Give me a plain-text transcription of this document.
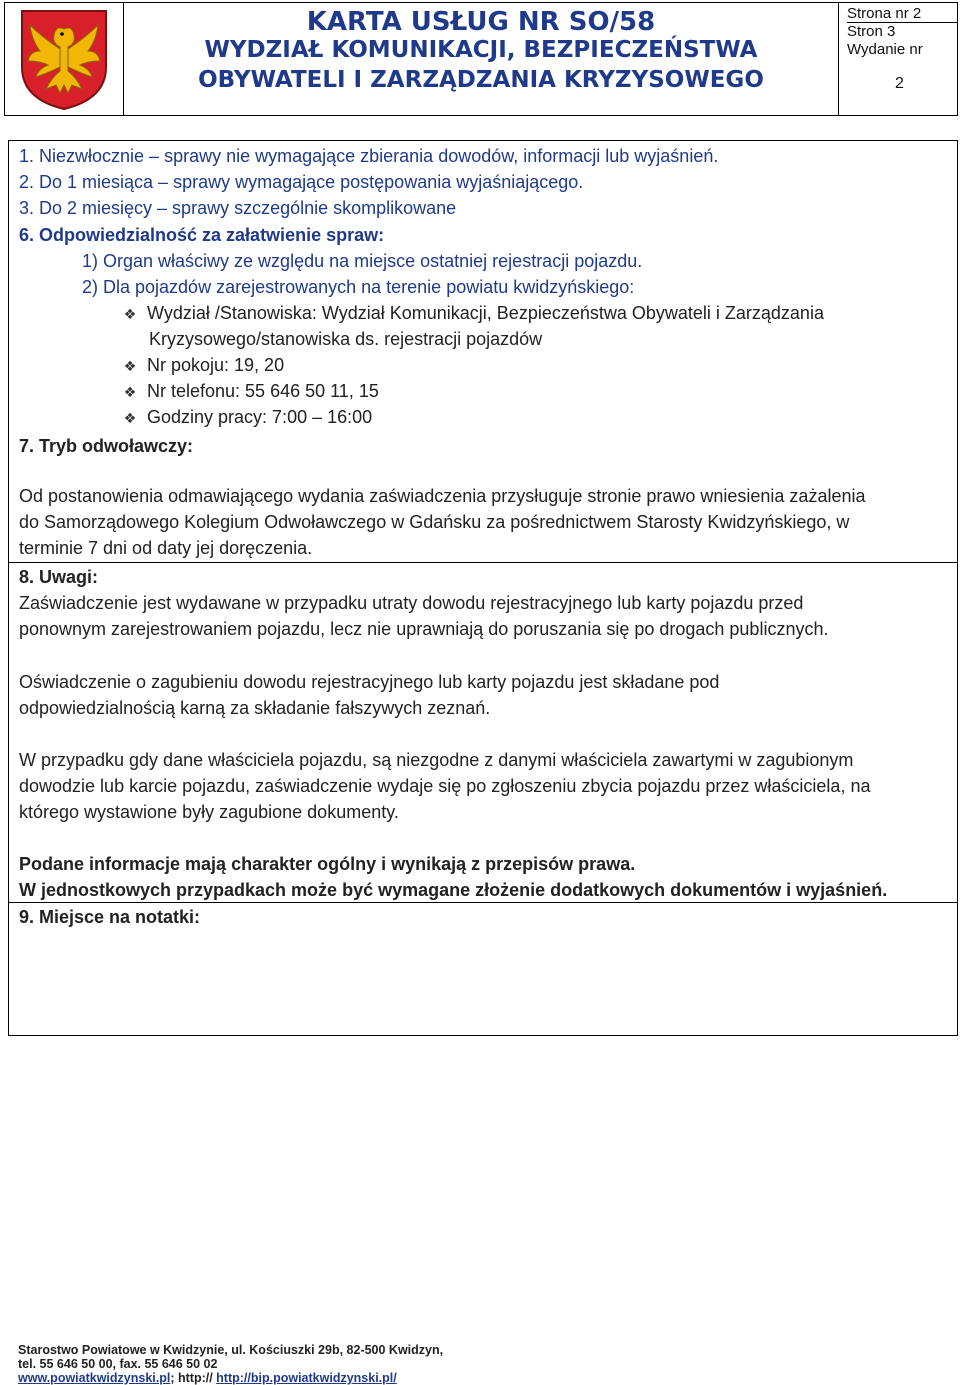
KARTA USŁUG NR SO/58
WYDZIAŁ KOMUNIKACJI, BEZPIECZEŃSTWA
OBYWATELI I ZARZĄDZANIA KRYZYSOWEGO
Strona nr 2
Stron 3
Wydanie nr
2
1. Niezwłocznie – sprawy nie wymagające zbierania dowodów, informacji lub wyjaśnień.
2. Do 1 miesiąca – sprawy wymagające postępowania wyjaśniającego.
3. Do 2 miesięcy – sprawy szczególnie skomplikowane
6. Odpowiedzialność za załatwienie spraw:
1) Organ właściwy ze względu na miejsce ostatniej rejestracji pojazdu.
2) Dla pojazdów zarejestrowanych na terenie powiatu kwidzyńskiego:
❖ Wydział /Stanowiska: Wydział Komunikacji, Bezpieczeństwa Obywateli i Zarządzania
Kryzysowego/stanowiska ds. rejestracji pojazdów
❖ Nr pokoju: 19, 20
❖ Nr telefonu: 55 646 50 11, 15
❖ Godziny pracy: 7:00 – 16:00
7. Tryb odwoławczy:
Od postanowienia odmawiającego wydania zaświadczenia przysługuje stronie prawo wniesienia zażalenia
do Samorządowego Kolegium Odwoławczego w Gdańsku za pośrednictwem Starosty Kwidzyńskiego, w
terminie 7 dni od daty jej doręczenia.
8. Uwagi:
Zaświadczenie jest wydawane w przypadku utraty dowodu rejestracyjnego lub karty pojazdu przed
ponownym zarejestrowaniem pojazdu, lecz nie uprawniają do poruszania się po drogach publicznych.
Oświadczenie o zagubieniu dowodu rejestracyjnego lub karty pojazdu jest składane pod
odpowiedzialnością karną za składanie fałszywych zeznań.
W przypadku gdy dane właściciela pojazdu, są niezgodne z danymi właściciela zawartymi w zagubionym
dowodzie lub karcie pojazdu, zaświadczenie wydaje się po zgłoszeniu zbycia pojazdu przez właściciela, na
którego wystawione były zagubione dokumenty.
Podane informacje mają charakter ogólny i wynikają z przepisów prawa.
W jednostkowych przypadkach może być wymagane złożenie dodatkowych dokumentów i wyjaśnień.
9. Miejsce na notatki:
Starostwo Powiatowe w Kwidzynie, ul. Kościuszki 29b, 82-500 Kwidzyn,
tel. 55 646 50 00, fax. 55 646 50 02
www.powiatkwidzynski.pl; http:// http://bip.powiatkwidzynski.pl/
